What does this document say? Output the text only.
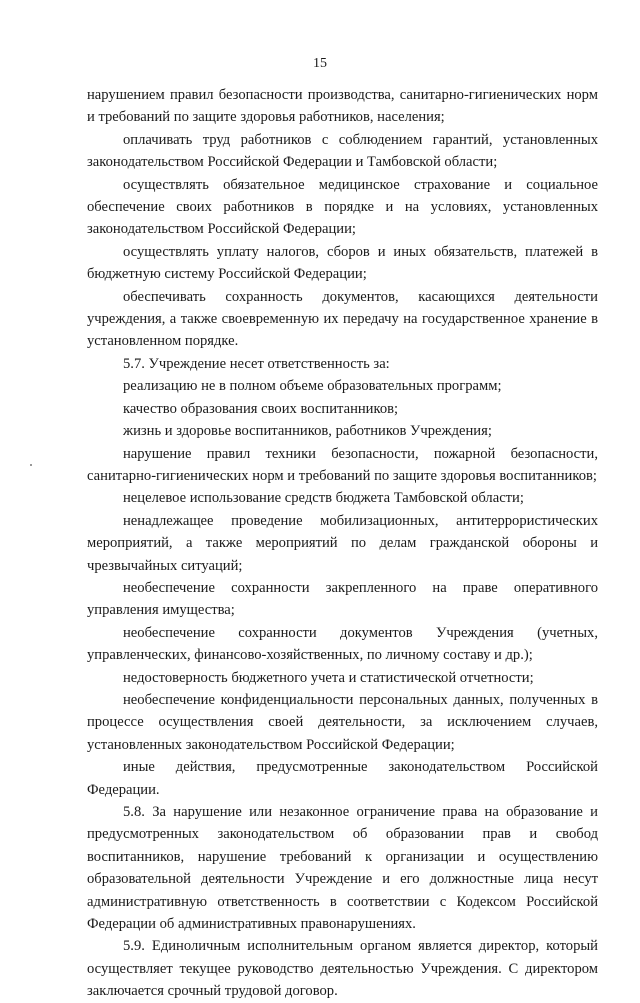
15

нарушением правил безопасности производства, санитарно-гигиенических норм и требований по защите здоровья работников, населения;

оплачивать труд работников с соблюдением гарантий, установленных законодательством Российской Федерации и Тамбовской области;

осуществлять обязательное медицинское страхование и социальное обеспечение своих работников в порядке и на условиях, установленных законодательством Российской Федерации;

осуществлять уплату налогов, сборов и иных обязательств, платежей в бюджетную систему Российской Федерации;

обеспечивать сохранность документов, касающихся деятельности учреждения, а также своевременную их передачу на государственное хранение в установленном порядке.

5.7. Учреждение несет ответственность за:

реализацию не в полном объеме образовательных программ;

качество образования своих воспитанников;

жизнь и здоровье воспитанников, работников Учреждения;

нарушение правил техники безопасности, пожарной безопасности, санитарно-гигиенических норм и требований по защите здоровья воспитанников;

нецелевое использование средств бюджета Тамбовской области;

ненадлежащее проведение мобилизационных, антитеррористических мероприятий, а также мероприятий по делам гражданской обороны и чрезвычайных ситуаций;

необеспечение сохранности закрепленного на праве оперативного управления имущества;

необеспечение сохранности документов Учреждения (учетных, управленческих, финансово-хозяйственных, по личному составу и др.);

недостоверность бюджетного учета и статистической отчетности;

необеспечение конфиденциальности персональных данных, полученных в процессе осуществления своей деятельности, за исключением случаев, установленных законодательством Российской Федерации;

иные действия, предусмотренные законодательством Российской Федерации.

5.8. За нарушение или незаконное ограничение права на образование и предусмотренных законодательством об образовании прав и свобод воспитанников, нарушение требований к организации и осуществлению образовательной деятельности Учреждение и его должностные лица несут административную ответственность в соответствии с Кодексом Российской Федерации об административных правонарушениях.

5.9. Единоличным исполнительным органом является директор, который осуществляет текущее руководство деятельностью Учреждения. С директором заключается срочный трудовой договор.
